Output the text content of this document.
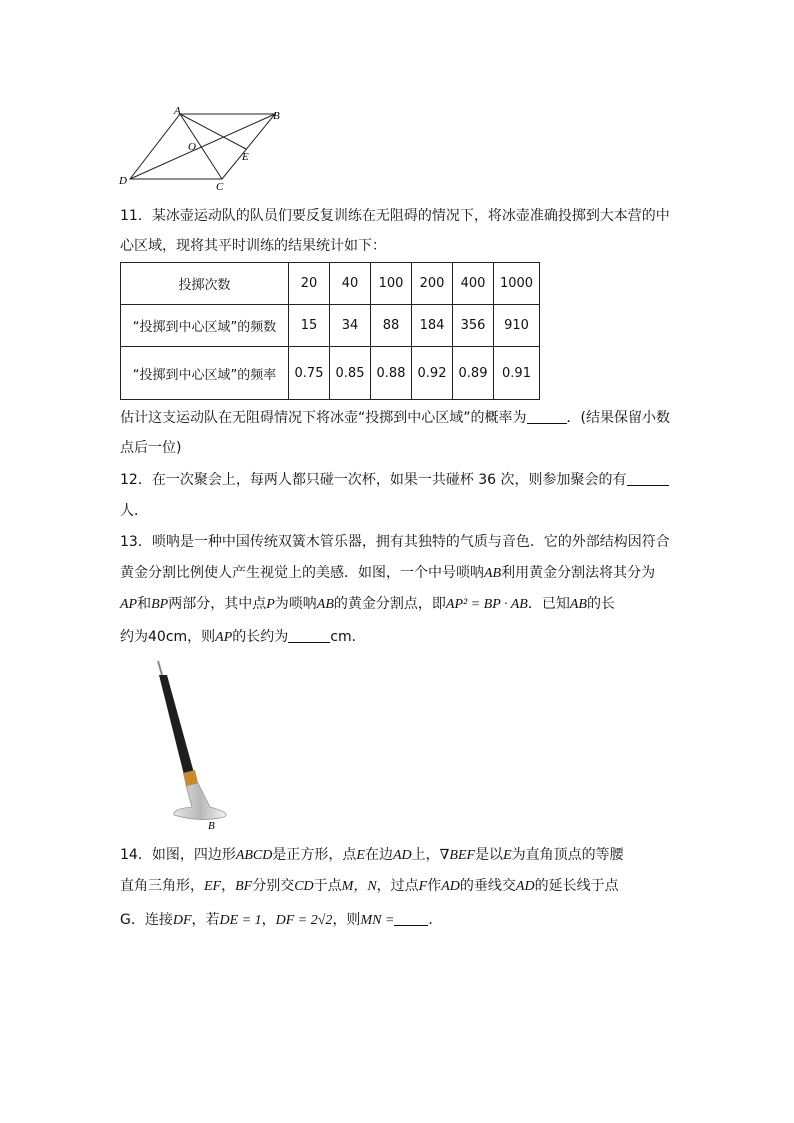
A	B
C
D
E
O
11．某冰壶运动队的队员们要反复训练在无阻碍的情况下，将冰壶准确投掷到大本营的中
心区域，现将其平时训练的结果统计如下：
投掷次数	20	40	100	200	400	1000
“投掷到中心区域”的频数	15	34	88	184	356	910
“投掷到中心区域”的频率	0.75	0.85	0.88	0.92	0.89	0.91
估计这支运动队在无阻碍情况下将冰壶“投掷到中心区域”的概率为	．(结果保留小数
点后一位)
12．在一次聚会上，每两人都只碰一次杯，如果一共碰杯 36 次，则参加聚会的有
人．
13．唢呐是一种中国传统双簧木管乐器，拥有其独特的气质与音色．它的外部结构因符合
黄金分割比例使人产生视觉上的美感．如图，一个中号唢呐AB利用黄金分割法将其分为
AP和BP两部分，其中点P为唢呐AB的黄金分割点，即AP² = BP · AB．已知AB的长
约为40cm，则AP的长约为	cm．
B
14．如图，四边形ABCD是正方形，点E在边AD上，∇BEF是以E为直角顶点的等腰
直角三角形，EF，BF分别交CD于点M，N，过点F作AD的垂线交AD的延长线于点
G．连接DF，若DE = 1，DF = 2√2，则MN = ．
